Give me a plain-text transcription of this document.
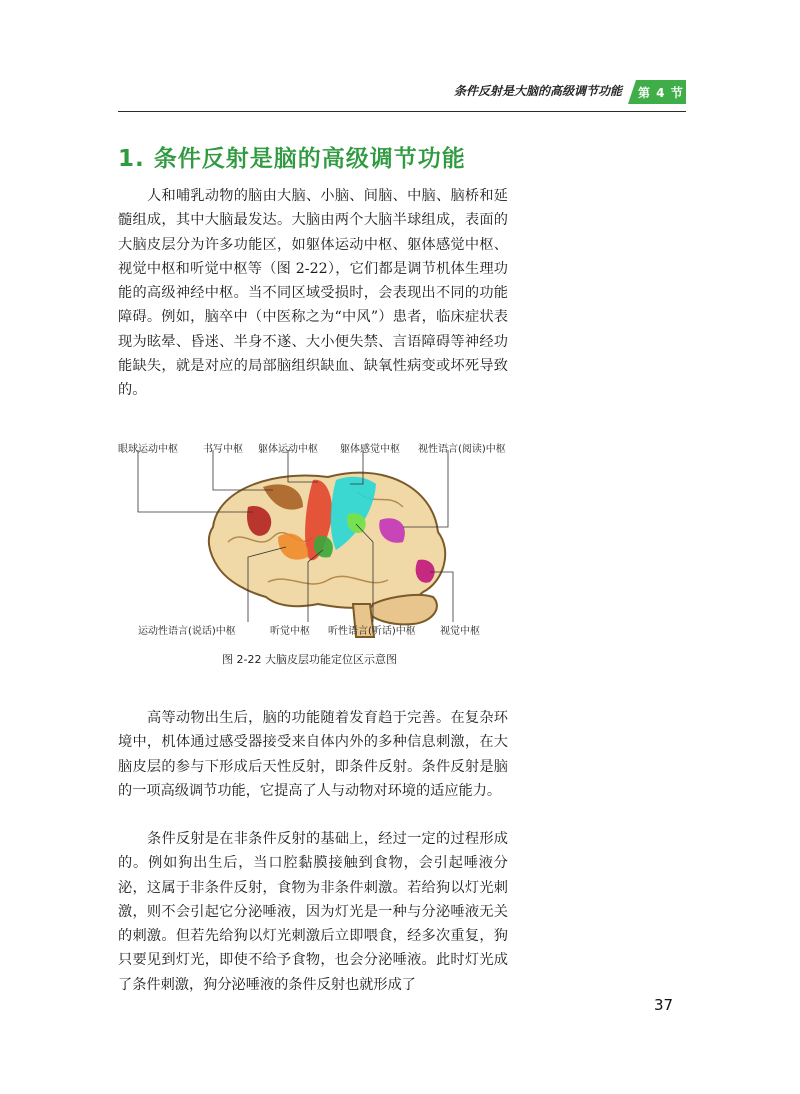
条件反射是大脑的高级调节功能 第 4 节
1. 条件反射是脑的高级调节功能

人和哺乳动物的脑由大脑、小脑、间脑、中脑、脑桥和延髓组成，其中大脑最发达。大脑由两个大脑半球组成，表面的大脑皮层分为许多功能区，如躯体运动中枢、躯体感觉中枢、视觉中枢和听觉中枢等（图 2-22），它们都是调节机体生理功能的高级神经中枢。当不同区域受损时，会表现出不同的功能障碍。例如，脑卒中（中医称之为“中风”）患者，临床症状表现为眩晕、昏迷、半身不遂、大小便失禁、言语障碍等神经功能缺失，就是对应的局部脑组织缺血、缺氧性病变或坏死导致的。

眼球运动中枢	书写中枢 躯体运动中枢 躯体感觉中枢 视性语言(阅读)中枢
运动性语言(说话)中枢	听觉中枢 听性语言(听话)中枢 视觉中枢
图 2-22 大脑皮层功能定位区示意图

高等动物出生后，脑的功能随着发育趋于完善。在复杂环境中，机体通过感受器接受来自体内外的多种信息刺激，在大脑皮层的参与下形成后天性反射，即条件反射。条件反射是脑的一项高级调节功能，它提高了人与动物对环境的适应能力。

条件反射是在非条件反射的基础上，经过一定的过程形成的。例如狗出生后，当口腔黏膜接触到食物，会引起唾液分泌，这属于非条件反射，食物为非条件刺激。若给狗以灯光刺激，则不会引起它分泌唾液，因为灯光是一种与分泌唾液无关的刺激。但若先给狗以灯光刺激后立即喂食，经多次重复，狗只要见到灯光，即使不给予食物，也会分泌唾液。此时灯光成了条件刺激，狗分泌唾液的条件反射也就形成了

37
